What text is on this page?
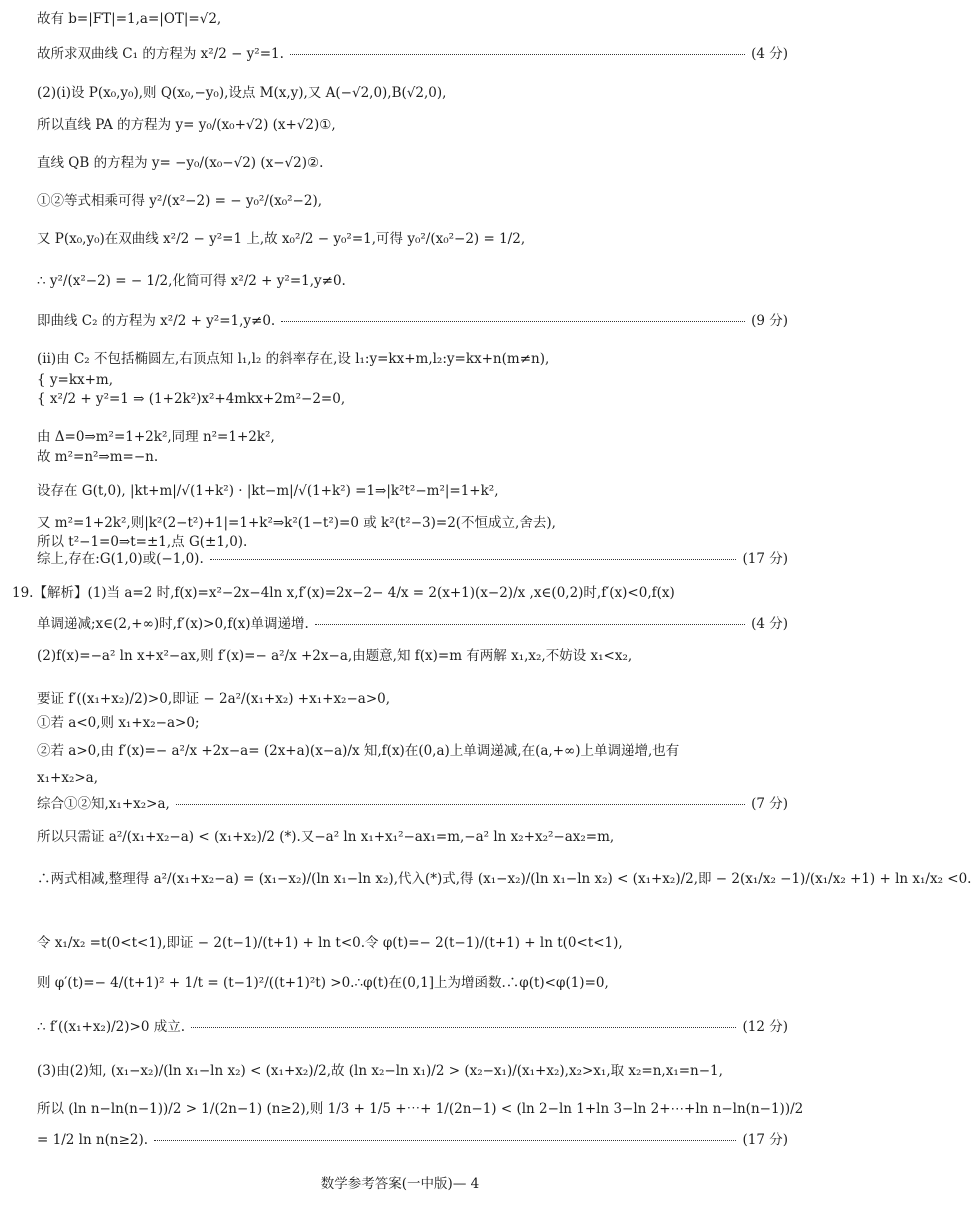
故有 b=|FT|=1,a=|OT|=√2,
故所求双曲线 C₁ 的方程为 x²/2 − y²=1.	(4 分)
(2)(ⅰ)设 P(x₀,y₀),则 Q(x₀,−y₀),设点 M(x,y),又 A(−√2,0),B(√2,0),
所以直线 PA 的方程为 y= y₀/(x₀+√2) (x+√2)①,
直线 QB 的方程为 y= −y₀/(x₀−√2) (x−√2)②.
①②等式相乘可得 y²/(x²−2) = − y₀²/(x₀²−2),
又 P(x₀,y₀)在双曲线 x²/2 − y²=1 上,故 x₀²/2 − y₀²=1,可得 y₀²/(x₀²−2) = 1/2,
∴ y²/(x²−2) = − 1/2,化简可得 x²/2 + y²=1,y≠0.
即曲线 C₂ 的方程为 x²/2 + y²=1,y≠0.	(9 分)
(ⅱ)由 C₂ 不包括椭圆左,右顶点知 l₁,l₂ 的斜率存在,设 l₁:y=kx+m,l₂:y=kx+n(m≠n),
{ y=kx+m,
{ x²/2 + y²=1 ⇒ (1+2k²)x²+4mkx+2m²−2=0,
由 Δ=0⇒m²=1+2k²,同理 n²=1+2k²,
故 m²=n²⇒m=−n.
设存在 G(t,0), |kt+m|/√(1+k²) · |kt−m|/√(1+k²) =1⇒|k²t²−m²|=1+k²,
又 m²=1+2k²,则|k²(2−t²)+1|=1+k²⇒k²(1−t²)=0 或 k²(t²−3)=2(不恒成立,舍去),
所以 t²−1=0⇒t=±1,点 G(±1,0).
综上,存在:G(1,0)或(−1,0).	(17 分)
19.【解析】(1)当 a=2 时,f(x)=x²−2x−4ln x,f′(x)=2x−2− 4/x = 2(x+1)(x−2)/x ,x∈(0,2)时,f′(x)<0,f(x)
单调递减;x∈(2,+∞)时,f′(x)>0,f(x)单调递增.	(4 分)
(2)f(x)=−a² ln x+x²−ax,则 f′(x)=− a²/x +2x−a,由题意,知 f(x)=m 有两解 x₁,x₂,不妨设 x₁<x₂,
要证 f′((x₁+x₂)/2)>0,即证 − 2a²/(x₁+x₂) +x₁+x₂−a>0,
①若 a<0,则 x₁+x₂−a>0;
②若 a>0,由 f′(x)=− a²/x +2x−a= (2x+a)(x−a)/x 知,f(x)在(0,a)上单调递减,在(a,+∞)上单调递增,也有
x₁+x₂>a,
综合①②知,x₁+x₂>a,	(7 分)
所以只需证 a²/(x₁+x₂−a) < (x₁+x₂)/2 (*).又−a² ln x₁+x₁²−ax₁=m,−a² ln x₂+x₂²−ax₂=m,
∴两式相减,整理得 a²/(x₁+x₂−a) = (x₁−x₂)/(ln x₁−ln x₂),代入(*)式,得 (x₁−x₂)/(ln x₁−ln x₂) < (x₁+x₂)/2,即 − 2(x₁/x₂ −1)/(x₁/x₂ +1) + ln x₁/x₂ <0.
令 x₁/x₂ =t(0<t<1),即证 − 2(t−1)/(t+1) + ln t<0.令 φ(t)=− 2(t−1)/(t+1) + ln t(0<t<1),
则 φ′(t)=− 4/(t+1)² + 1/t = (t−1)²/((t+1)²t) >0.∴φ(t)在(0,1]上为增函数.∴φ(t)<φ(1)=0,
∴ f′((x₁+x₂)/2)>0 成立.	(12 分)
(3)由(2)知, (x₁−x₂)/(ln x₁−ln x₂) < (x₁+x₂)/2,故 (ln x₂−ln x₁)/2 > (x₂−x₁)/(x₁+x₂),x₂>x₁,取 x₂=n,x₁=n−1,
所以 (ln n−ln(n−1))/2 > 1/(2n−1) (n≥2),则 1/3 + 1/5 +⋯+ 1/(2n−1) < (ln 2−ln 1+ln 3−ln 2+⋯+ln n−ln(n−1))/2
= 1/2 ln n(n≥2).	(17 分)
数学参考答案(一中版)— 4
